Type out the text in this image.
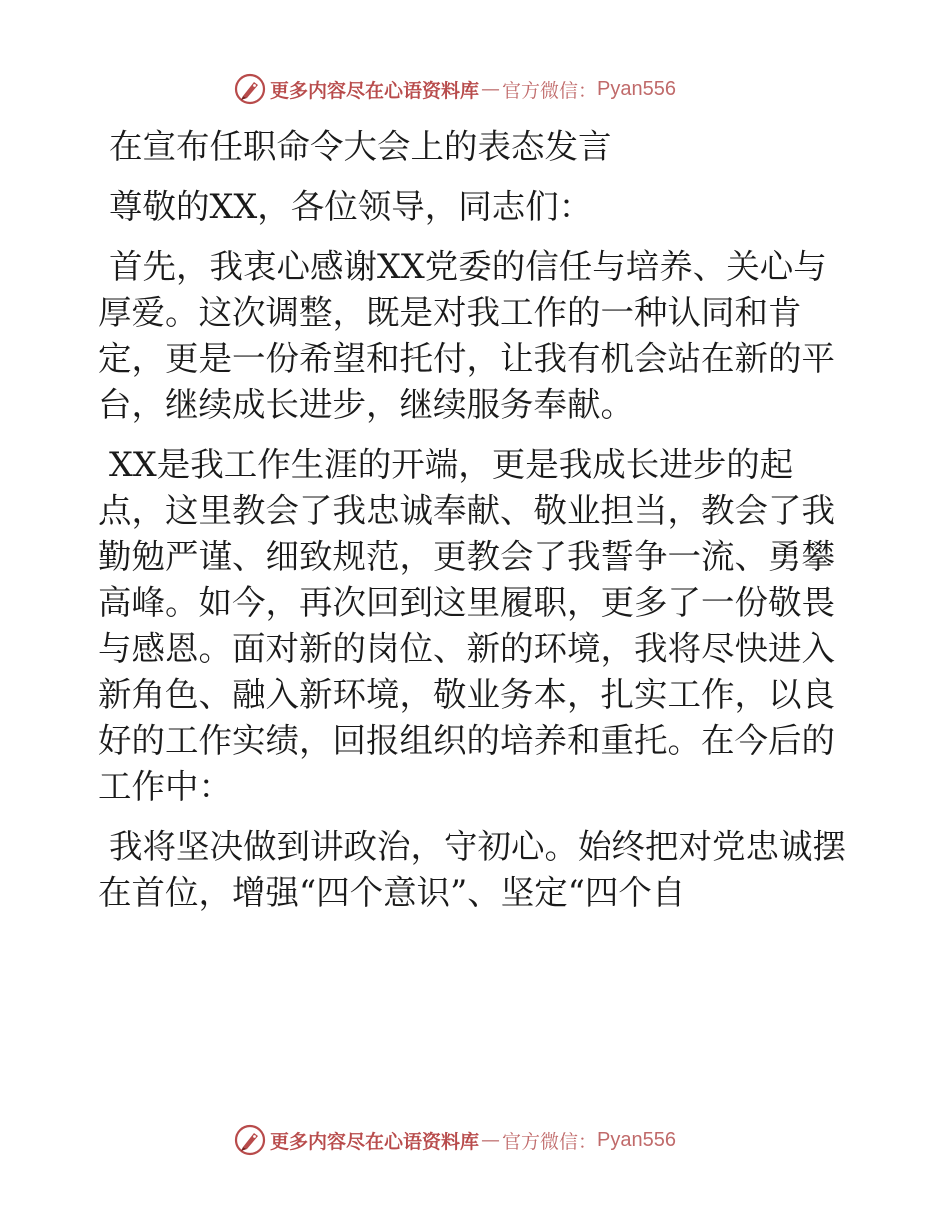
更多内容尽在心语资料库 — 官方微信： Pyan556

在宣布任职命令大会上的表态发言

尊敬的XX，各位领导，同志们：

首先，我衷心感谢XX党委的信任与培养、关心与厚爱。这次调整，既是对我工作的一种认同和肯定，更是一份希望和托付，让我有机会站在新的平台，继续成长进步，继续服务奉献。

XX是我工作生涯的开端，更是我成长进步的起点，这里教会了我忠诚奉献、敬业担当，教会了我勤勉严谨、细致规范，更教会了我誓争一流、勇攀高峰。如今，再次回到这里履职，更多了一份敬畏与感恩。面对新的岗位、新的环境，我将尽快进入新角色、融入新环境，敬业务本，扎实工作，以良好的工作实绩，回报组织的培养和重托。在今后的工作中：

我将坚决做到讲政治，守初心。始终把对党忠诚摆在首位，增强“四个意识”、坚定“四个自

更多内容尽在心语资料库 — 官方微信： Pyan556
